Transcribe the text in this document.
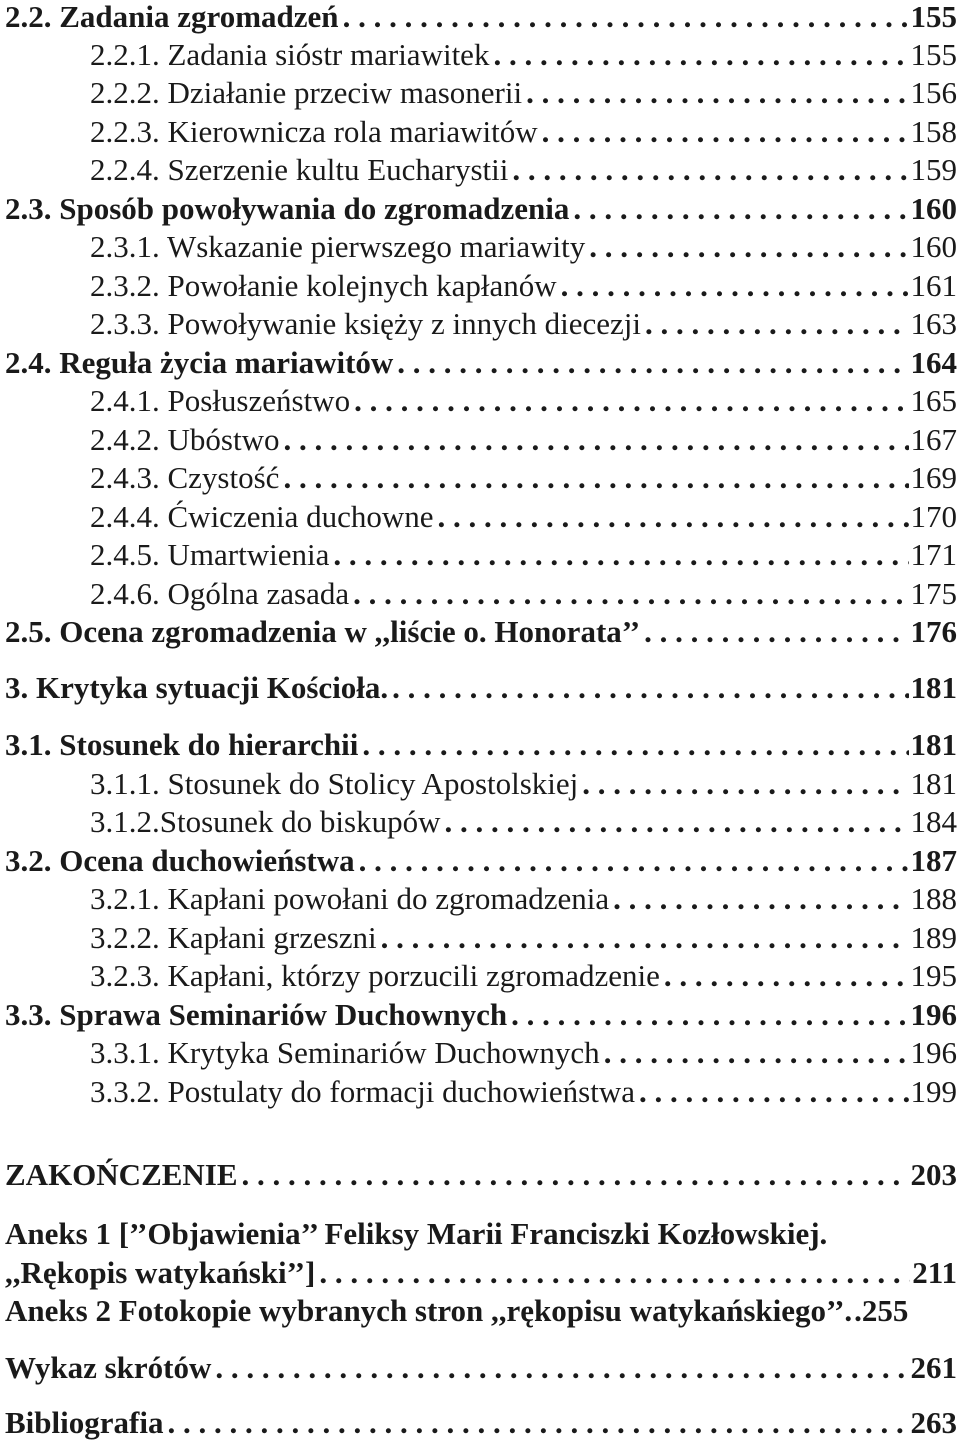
2.2. Zadania zgromadzeń . . .	155
2.2.1. Zadania sióstr mariawitek . . .	155
2.2.2. Działanie przeciw masonerii . . .	156
2.2.3. Kierownicza rola mariawitów . . .	158
2.2.4. Szerzenie kultu Eucharystii . . .	159
2.3. Sposób powoływania do zgromadzenia . . .	160
2.3.1. Wskazanie pierwszego mariawity . . .	160
2.3.2. Powołanie kolejnych kapłanów . . .	161
2.3.3. Powoływanie księży z innych diecezji . . .	163
2.4. Reguła życia mariawitów . . .	164
2.4.1. Posłuszeństwo . . .	165
2.4.2. Ubóstwo . . .	167
2.4.3. Czystość . . .	169
2.4.4. Ćwiczenia duchowne . . .	170
2.4.5. Umartwienia . . .	171
2.4.6. Ogólna zasada . . .	175
2.5. Ocena zgromadzenia w ,,liście o. Honorata’’ . . .	176
3. Krytyka sytuacji Kościoła. . . .	181
3.1. Stosunek do hierarchii . . .	181
3.1.1. Stosunek do Stolicy Apostolskiej . . .	181
3.1.2.Stosunek do biskupów . . .	184
3.2. Ocena duchowieństwa . . .	187
3.2.1. Kapłani powołani do zgromadzenia . . .	188
3.2.2. Kapłani grzeszni . . .	189
3.2.3. Kapłani, którzy porzucili zgromadzenie . . .	195
3.3. Sprawa Seminariów Duchownych . . .	196
3.3.1. Krytyka Seminariów Duchownych . . .	196
3.3.2. Postulaty do formacji duchowieństwa . . .	199
ZAKOŃCZENIE . . .	203
Aneks 1 [’’Objawienia’’ Feliksy Marii Franciszki Kozłowskiej.
,,Rękopis watykański’’] . . .	211
Aneks 2 Fotokopie wybranych stron ,,rękopisu watykańskiego’’. .255
Wykaz skrótów . . .	261
Bibliografia . . .	263
